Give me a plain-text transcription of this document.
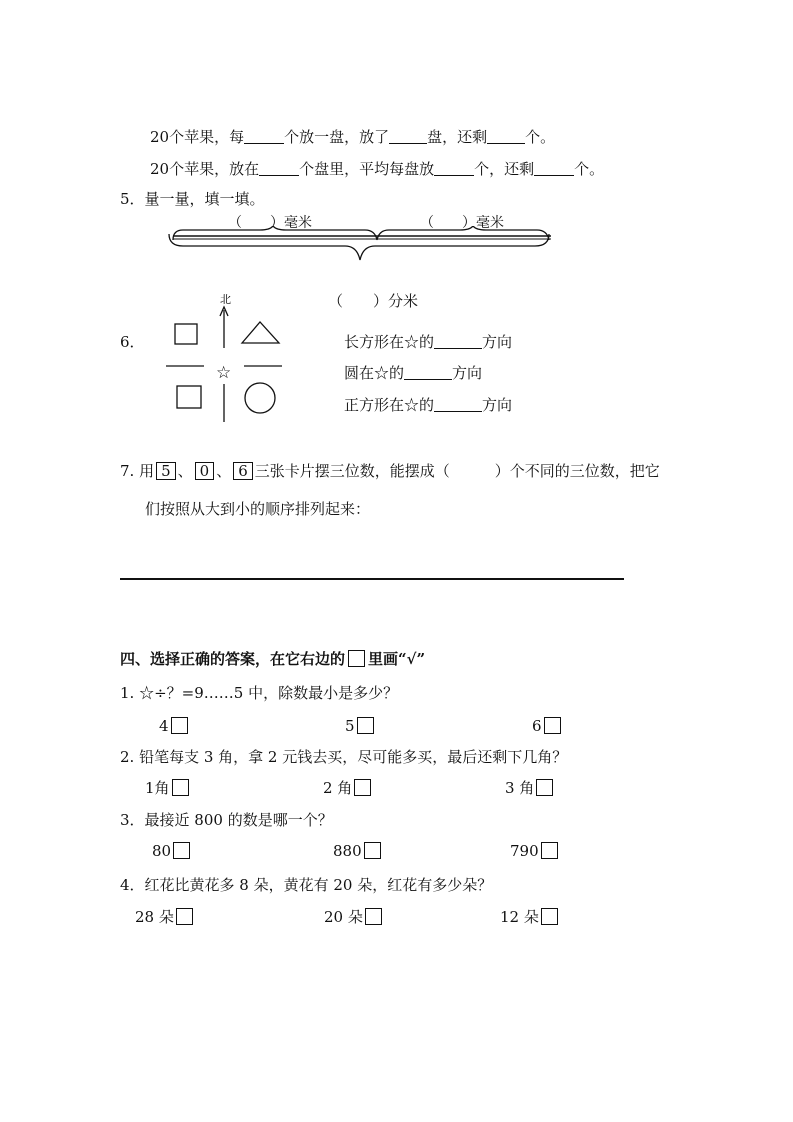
20个苹果，每	个放一盘，放了	盘，还剩	个。
20个苹果，放在	个盘里，平均每盘放	个，还剩	个。
5．量一量，填一填。
（　　）毫米	（　　）毫米
（　　）分米
6．
北
☆
长方形在☆的	方向
圆在☆的	方向
正方形在☆的	方向
7. 用 5 、 0 、 6 三张卡片摆三位数，能摆成（　　　）个不同的三位数，把它
们按照从大到小的顺序排列起来：
四、选择正确的答案，在它右边的 里画“√”
1. ☆÷？=9……5 中，除数最小是多少？
4	5	6
2. 铅笔每支 3 角，拿 2 元钱去买，尽可能多买，最后还剩下几角？
1角	2 角	3 角
3．最接近 800 的数是哪一个？
80	880	790
4．红花比黄花多 8 朵，黄花有 20 朵，红花有多少朵？
28 朵	20 朵	12 朵
